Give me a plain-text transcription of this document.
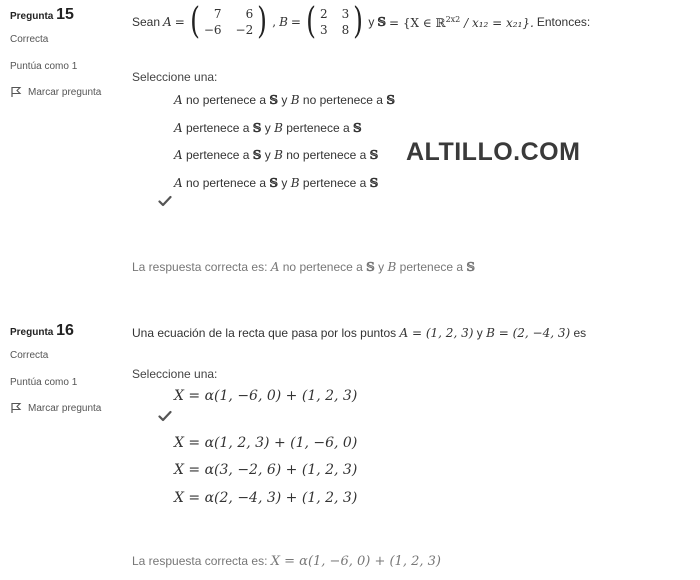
Pregunta 15
Correcta
Puntúa como 1
Marcar pregunta
Sean A = (	7	6
−6 −2 ) , B = ( 2 3
3 8 ) y 𝕊 = {X ∈ ℝ$^{2x2}$ / x₁₂ = x₂₁}. Entonces:
Seleccione una:
A no pertenece a 𝕊 y B no pertenece a 𝕊
A pertenece a 𝕊 y B pertenece a 𝕊
A pertenece a 𝕊 y B no pertenece a 𝕊
A no pertenece a 𝕊 y B pertenece a 𝕊
ALTILLO.COM
La respuesta correcta es: A no pertenece a 𝕊 y B pertenece a 𝕊
Pregunta 16
Correcta
Puntúa como 1
Marcar pregunta
Una ecuación de la recta que pasa por los puntos A = (1, 2, 3) y B = (2, −4, 3) es
Seleccione una:
X = α(1, −6, 0) + (1, 2, 3)
X = α(1, 2, 3) + (1, −6, 0)
X = α(3, −2, 6) + (1, 2, 3)
X = α(2, −4, 3) + (1, 2, 3)
La respuesta correcta es: X = α(1, −6, 0) + (1, 2, 3)
